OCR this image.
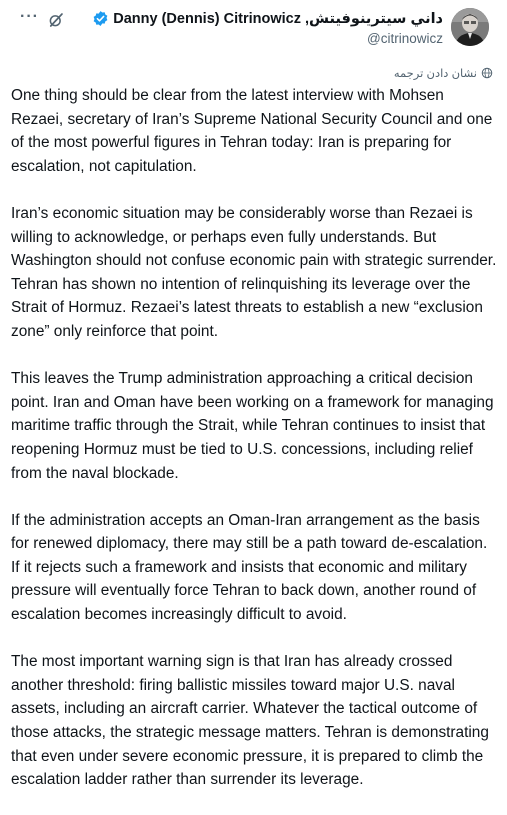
···	Danny (Dennis) Citrinowicz ,داني سيترينوفيتش
@citrinowicz
نشان دادن ترجمه

One thing should be clear from the latest interview with Mohsen Rezaei, secretary of Iran’s Supreme National Security Council and one of the most powerful figures in Tehran today: Iran is preparing for escalation, not capitulation.

Iran’s economic situation may be considerably worse than Rezaei is willing to acknowledge, or perhaps even fully understands. But Washington should not confuse economic pain with strategic surrender. Tehran has shown no intention of relinquishing its leverage over the Strait of Hormuz. Rezaei’s latest threats to establish a new “exclusion zone” only reinforce that point.

This leaves the Trump administration approaching a critical decision point. Iran and Oman have been working on a framework for managing maritime traffic through the Strait, while Tehran continues to insist that reopening Hormuz must be tied to U.S. concessions, including relief from the naval blockade.

If the administration accepts an Oman-Iran arrangement as the basis for renewed diplomacy, there may still be a path toward de-escalation. If it rejects such a framework and insists that economic and military pressure will eventually force Tehran to back down, another round of escalation becomes increasingly difficult to avoid.

The most important warning sign is that Iran has already crossed another threshold: firing ballistic missiles toward major U.S. naval assets, including an aircraft carrier. Whatever the tactical outcome of those attacks, the strategic message matters. Tehran is demonstrating that even under severe economic pressure, it is prepared to climb the escalation ladder rather than surrender its leverage.
